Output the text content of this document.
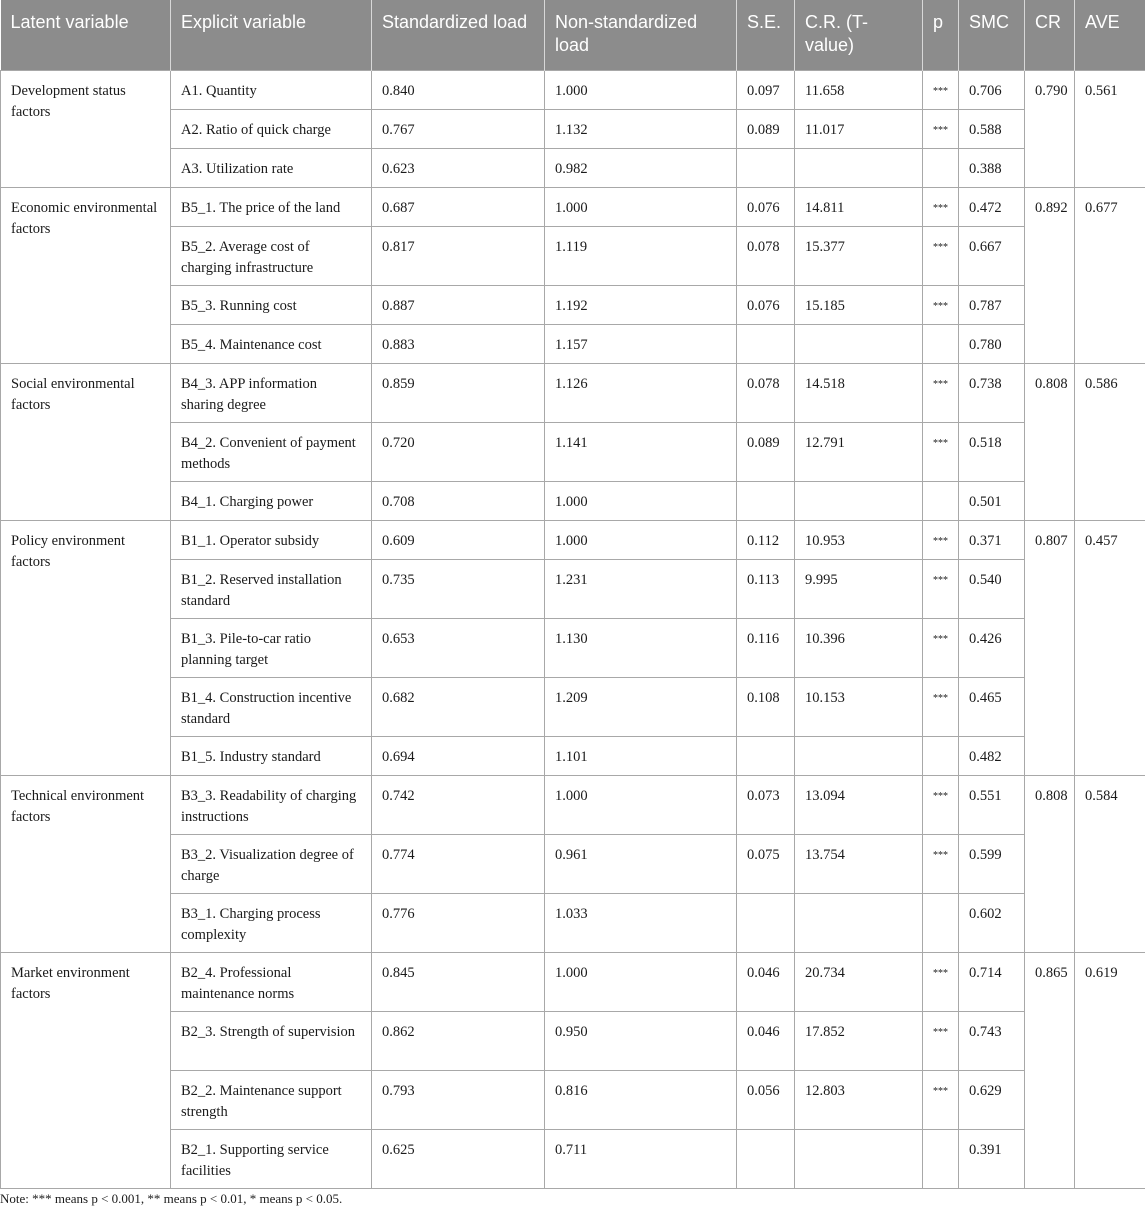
Latent variable	Explicit variable	Standardized load	Non-standardized load	S.E.	C.R. (T-value)	p	SMC	CR	AVE
Development status factors	A1. Quantity	0.840	1.000	0.097	11.658	***	0.706	0.790	0.561
	A2. Ratio of quick charge	0.767	1.132	0.089	11.017	***	0.588		
	A3. Utilization rate	0.623	0.982				0.388		
Economic environmental factors	B5_1. The price of the land	0.687	1.000	0.076	14.811	***	0.472	0.892	0.677
	B5_2. Average cost of charging infrastructure	0.817	1.119	0.078	15.377	***	0.667		
	B5_3. Running cost	0.887	1.192	0.076	15.185	***	0.787		
	B5_4. Maintenance cost	0.883	1.157				0.780		
Social environmental factors	B4_3. APP information sharing degree	0.859	1.126	0.078	14.518	***	0.738	0.808	0.586
	B4_2. Convenient of payment methods	0.720	1.141	0.089	12.791	***	0.518		
	B4_1. Charging power	0.708	1.000				0.501		
Policy environment factors	B1_1. Operator subsidy	0.609	1.000	0.112	10.953	***	0.371	0.807	0.457
	B1_2. Reserved installation standard	0.735	1.231	0.113	9.995	***	0.540		
	B1_3. Pile-to-car ratio planning target	0.653	1.130	0.116	10.396	***	0.426		
	B1_4. Construction incentive standard	0.682	1.209	0.108	10.153	***	0.465		
	B1_5. Industry standard	0.694	1.101				0.482		
Technical environment factors	B3_3. Readability of charging instructions	0.742	1.000	0.073	13.094	***	0.551	0.808	0.584
	B3_2. Visualization degree of charge	0.774	0.961	0.075	13.754	***	0.599		
	B3_1. Charging process complexity	0.776	1.033				0.602		
Market environment factors	B2_4. Professional maintenance norms	0.845	1.000	0.046	20.734	***	0.714	0.865	0.619
	B2_3. Strength of supervision	0.862	0.950	0.046	17.852	***	0.743		
	B2_2. Maintenance support strength	0.793	0.816	0.056	12.803	***	0.629		
	B2_1. Supporting service facilities	0.625	0.711				0.391		
Note: *** means p < 0.001, ** means p < 0.01, * means p < 0.05.
